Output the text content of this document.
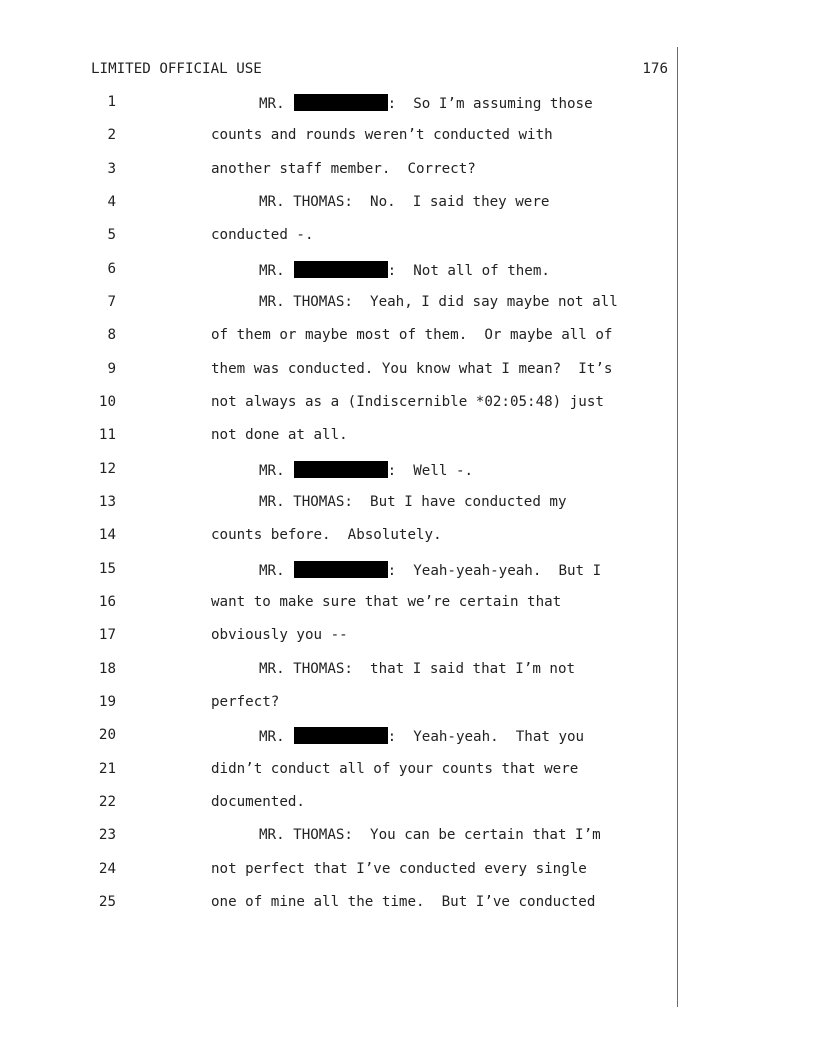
LIMITED OFFICIAL USE	176
1	MR.	:  So I’m assuming those
2	counts and rounds weren’t conducted with
3	another staff member.  Correct?
4	MR. THOMAS:  No.  I said they were
5	conducted -.
6	MR.	:  Not all of them.
7	MR. THOMAS:  Yeah, I did say maybe not all
8	of them or maybe most of them.  Or maybe all of
9	them was conducted. You know what I mean?  It’s
10	not always as a (Indiscernible *02:05:48) just
11	not done at all.
12	MR.	:  Well -.
13	MR. THOMAS:  But I have conducted my
14	counts before.  Absolutely.
15	MR.	:  Yeah-yeah-yeah.  But I
16	want to make sure that we’re certain that
17	obviously you --
18	MR. THOMAS:  that I said that I’m not
19	perfect?
20	MR.	:  Yeah-yeah.  That you
21	didn’t conduct all of your counts that were
22	documented.
23	MR. THOMAS:  You can be certain that I’m
24	not perfect that I’ve conducted every single
25	one of mine all the time.  But I’ve conducted
